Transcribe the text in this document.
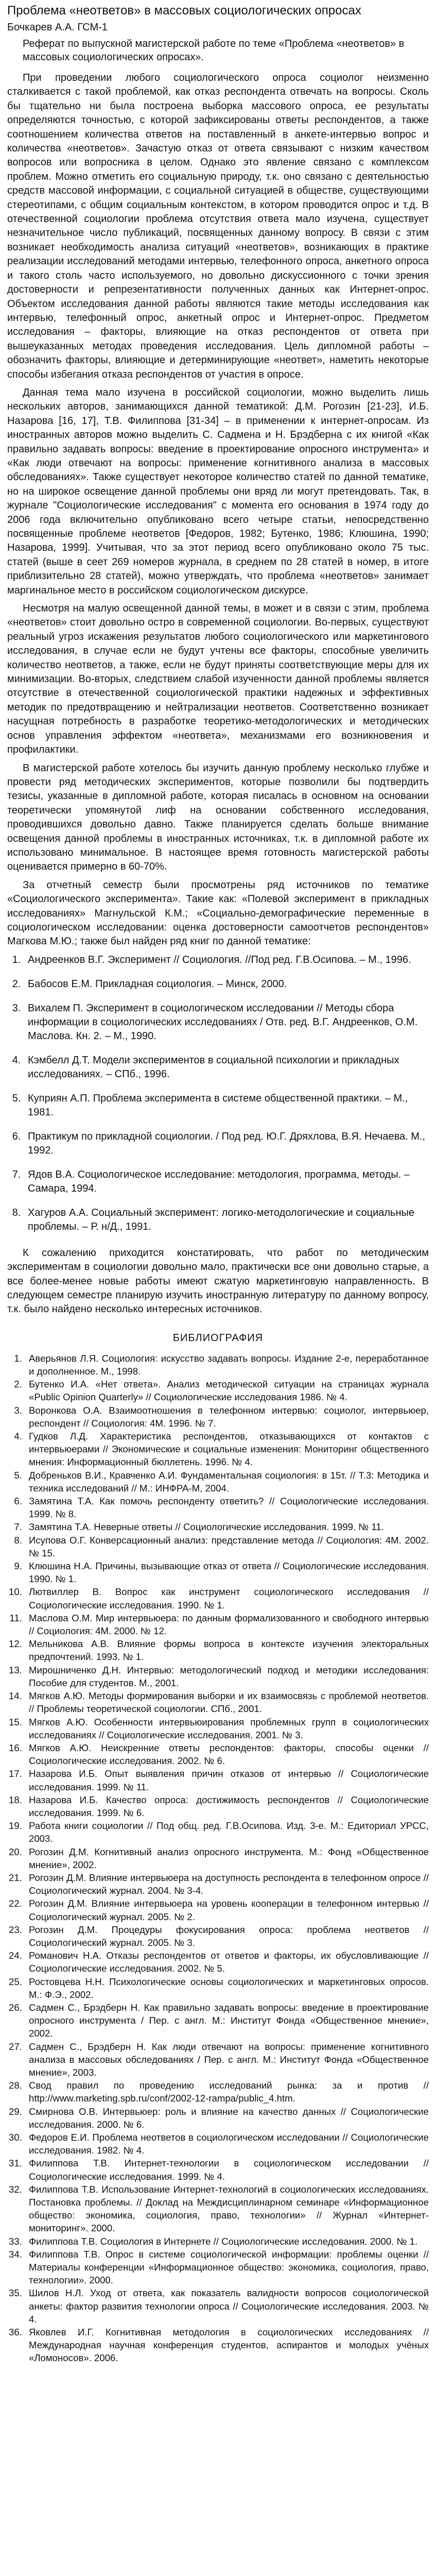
Проблема «неответов» в массовых социологических опросах
Бочкарев А.А. ГСМ-1
Реферат по выпускной магистерской работе по теме «Проблема «неответов» в массовых социологических опросах».

При проведении любого социологического опроса социолог неизменно сталкивается с такой проблемой, как отказ респондента отвечать на вопросы. Сколь бы тщательно ни была построена выборка массового опроса, ее результаты определяются точностью, с которой зафиксированы ответы респондентов, а также соотношением количества ответов на поставленный в анкете-интервью вопрос и количества «неответов». Зачастую отказ от ответа связывают с низким качеством вопросов или вопросника в целом. Однако это явление связано с комплексом проблем. Можно отметить его социальную природу, т.к. оно связано с деятельностью средств массовой информации, с социальной ситуацией в обществе, существующими стереотипами, с общим социальным контекстом, в котором проводится опрос и т.д. В отечественной социологии проблема отсутствия ответа мало изучена, существует незначительное число публикаций, посвященных данному вопросу. В связи с этим возникает необходимость анализа ситуаций «неответов», возникающих в практике реализации исследований методами интервью, телефонного опроса, анкетного опроса и такого столь часто используемого, но довольно дискуссионного с точки зрения достоверности и репрезентативности полученных данных как Интернет-опрос. Объектом исследования данной работы являются такие методы исследования как интервью, телефонный опрос, анкетный опрос и Интернет-опрос. Предметом исследования – факторы, влияющие на отказ респондентов от ответа при вышеуказанных методах проведения исследования. Цель дипломной работы – обозначить факторы, влияющие и детерминирующие «неответ», наметить некоторые способы избегания отказа респондентов от участия в опросе.

Данная тема мало изучена в российской социологии, можно выделить лишь нескольких авторов, занимающихся данной тематикой: Д.М. Рогозин [21-23], И.Б. Назарова [16, 17], Т.В. Филиппова [31-34] – в применении к интернет-опросам. Из иностранных авторов можно выделить С. Садмена и Н. Брэдберна с их книгой «Как правильно задавать вопросы: введение в проектирование опросного инструмента» и «Как люди отвечают на вопросы: применение когнитивного анализа в массовых обследованиях». Также существует некоторое количество статей по данной тематике, но на широкое освещение данной проблемы они вряд ли могут претендовать. Так, в журнале "Социологические исследования" с момента его основания в 1974 году до 2006 года включительно опубликовано всего четыре статьи, непосредственно посвященные проблеме неответов [Федоров, 1982; Бутенко, 1986; Клюшина, 1990; Назарова, 1999]. Учитывая, что за этот период всего опубликовано около 75 тыс. статей (выше в сеет 269 номеров журнала, в среднем по 28 статей в номер, в итоге приблизительно 28 статей), можно утверждать, что проблема «неответов» занимает маргинальное место в российском социологическом дискурсе.

Несмотря на малую освещенной данной темы, в может и в связи с этим, проблема «неответов» стоит довольно остро в современной социологии. Во-первых, существуют реальный угроз искажения результатов любого социологического или маркетингового исследования, в случае если не будут учтены все факторы, способные увеличить количество неответов, а также, если не будут приняты соответствующие меры для их минимизации. Во-вторых, следствием слабой изученности данной проблемы является отсутствие в отечественной социологической практики надежных и эффективных методик по предотвращению и нейтрализации неответов. Соответственно возникает насущная потребность в разработке теоретико-методологических и методических основ управления эффектом «неответа», механизмами его возникновения и профилактики.

В магистерской работе хотелось бы изучить данную проблему несколько глубже и провести ряд методических экспериментов, которые позволили бы подтвердить тезисы, указанные в дипломной работе, которая писалась в основном на основании теоретически упомянутой лиф на основании собственного исследования, проводившихся довольно давно. Также планируется сделать больше внимание освещения данной проблемы в иностранных источниках, т.к. в дипломной работе их использовано минимальное. В настоящее время готовность магистерской работы оценивается примерно в 60-70%.

За отчетный семестр были просмотрены ряд источников по тематике «Социологического эксперимента». Такие как: «Полевой эксперимент в прикладных исследованиях» Магнульской К.М.; «Социально-демографические переменные в социологическом исследовании: оценка достоверности самоотчетов респондентов» Магкова М.Ю.; также был найден ряд книг по данной тематике:

1. Андреенков В.Г. Эксперимент // Социология. //Под ред. Г.В.Осипова. – М., 1996.
2. Бабосов Е.М. Прикладная социология. – Минск, 2000.
3. Вихалем П. Эксперимент в социологическом исследовании // Методы сбора информации в социологических исследованиях / Отв. ред. В.Г. Андреенков, О.М. Маслова. Кн. 2. – М., 1990.
4. Кэмбелл Д.Т. Модели экспериментов в социальной психологии и прикладных исследованиях. – СПб., 1996.
5. Куприян А.П. Проблема эксперимента в системе общественной практики. – М., 1981.
6. Практикум по прикладной социологии. / Под ред. Ю.Г. Дряхлова, В.Я. Нечаева. М., 1992.
7. Ядов В.А. Социологическое исследование: методология, программа, методы. – Самара, 1994.
8. Хагуров А.А. Социальный эксперимент: логико-методологические и социальные проблемы. – Р. н/Д., 1991.

К сожалению приходится констатировать, что работ по методическим экспериментам в социологии довольно мало, практически все они довольно старые, а все более-менее новые работы имеют сжатую маркетинговую направленность. В следующем семестре планирую изучить иностранную литературу по данному вопросу, т.к. было найдено несколько интересных источников.

БИБЛИОГРАФИЯ
1. Аверьянов Л.Я. Социология: искусство задавать вопросы. Издание 2-е, переработанное и дополненное. М., 1998.
2. Бутенко И.А. «Нет ответа». Анализ методической ситуации на страницах журнала «Public Opinion Quarterly» // Социологические исследования 1986. № 4.
3. Воронкова О.А. Взаимоотношения в телефонном интервью: социолог, интервьюер, респондент // Социология: 4М. 1996. № 7.
4. Гудков Л.Д. Характеристика респондентов, отказывающихся от контактов с интервьюерами // Экономические и социальные изменения: Мониторинг общественного мнения: Информационный бюллетень. 1996. № 4.
5. Добреньков В.И., Кравченко А.И. Фундаментальная социология: в 15т. // Т.3: Методика и техника исследований // М.: ИНФРА-М, 2004.
6. Замятина Т.А. Как помочь респонденту ответить? // Социологические исследования. 1999. № 8.
7. Замятина Т.А. Неверные ответы // Социологические исследования. 1999. № 11.
8. Исупова О.Г. Конверсационный анализ: представление метода // Социология: 4М. 2002. № 15.
9. Клюшина Н.А. Причины, вызывающие отказ от ответа // Социологические исследования. 1990. № 1.
10. Лютвиллер В. Вопрос как инструмент социологического исследования // Социологические исследования. 1990. № 1.
11. Маслова О.М. Мир интервьюера: по данным формализованного и свободного интервью // Социология: 4М. 2000. № 12.
12. Мельникова А.В. Влияние формы вопроса в контексте изучения электоральных предпочтений. 1993. № 1.
13. Мирошниченко Д.Н. Интервью: методологический подход и методики исследования: Пособие для студентов. М., 2001.
14. Мягков А.Ю. Методы формирования выборки и их взаимосвязь с проблемой неответов. // Проблемы теоретической социологии. СПб., 2001.
15. Мягков А.Ю. Особенности интервьюирования проблемных групп в социологических исследованиях // Социологические исследования. 2001. № 3.
16. Мягков А.Ю. Неискренние ответы респондентов: факторы, способы оценки // Социологические исследования. 2002. № 6.
17. Назарова И.Б. Опыт выявления причин отказов от интервью // Социологические исследования. 1999. № 11.
18. Назарова И.Б. Качество опроса: достижимость респондентов // Социологические исследования. 1999. № 6.
19. Работа книги социологии // Под общ. ред. Г.В.Осипова. Изд. 3-е. М.: Едиториал УРСС, 2003.
20. Рогозин Д.М. Когнитивный анализ опросного инструмента. М.: Фонд «Общественное мнение», 2002.
21. Рогозин Д.М. Влияние интервьюера на доступность респондента в телефонном опросе // Социологический журнал. 2004. № 3-4.
22. Рогозин Д.М. Влияние интервьюера на уровень кооперации в телефонном интервью // Социологический журнал. 2005. № 2.
23. Рогозин Д.М. Процедуры фокусирования опроса: проблема неответов // Социологический журнал. 2005. № 3.
24. Романович Н.А. Отказы респондентов от ответов и факторы, их обусловливающие // Социологические исследования. 2002. № 5.
25. Ростовцева Н.Н. Психологические основы социологических и маркетинговых опросов. М.: Ф.Э., 2002.
26. Садмен С., Брэдберн Н. Как правильно задавать вопросы: введение в проектирование опросного инструмента / Пер. с англ. М.: Институт Фонда «Общественное мнение», 2002.
27. Садмен С., Брэдберн Н. Как люди отвечают на вопросы: применение когнитивного анализа в массовых обследованиях / Пер. с англ. М.: Институт Фонда «Общественное мнение», 2003.
28. Свод правил по проведению исследований рынка: за и против // http://www.marketing.spb.ru/conf/2002-12-rampa/public_4.htm.
29. Смирнова О.В. Интервьюер: роль и влияние на качество данных // Социологические исследования. 2000. № 6.
30. Федоров Е.И. Проблема неответов в социологическом исследовании // Социологические исследования. 1982. № 4.
31. Филиппова Т.В. Интернет-технологии в социологическом исследовании // Социологические исследования. 1999. № 4.
32. Филиппова Т.В. Использование Интернет-технологий в социологических исследованиях. Постановка проблемы. // Доклад на Междисциплинарном семинаре «Информационное общество: экономика, социология, право, технологии» // Журнал «Интернет-мониторинг». 2000.
33. Филиппова Т.В. Социология в Интернете // Социологические исследования. 2000. № 1.
34. Филиппова Т.В. Опрос в системе социологической информации: проблемы оценки // Материалы конференции «Информационное общество: экономика, социология, право, технологии». 2000.
35. Шилов Н.Л. Уход от ответа, как показатель валидности вопросов социологической анкеты: фактор развития технологии опроса // Социологические исследования. 2003. № 4.
36. Яковлев И.Г. Когнитивная методология в социологических исследованиях // Международная научная конференция студентов, аспирантов и молодых учёных «Ломоносов». 2006.
